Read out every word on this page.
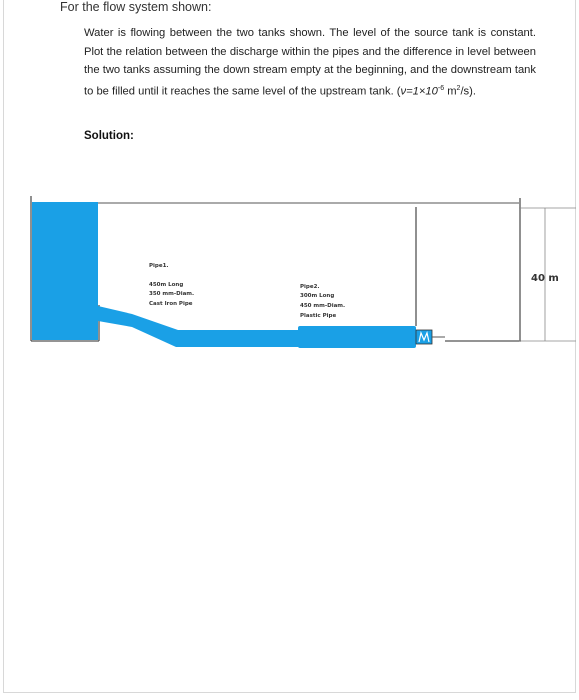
For the flow system shown:
Water is flowing between the two tanks shown. The level of the source tank is constant. Plot the relation between the discharge within the pipes and the difference in level between the two tanks assuming the down stream empty at the beginning, and the downstream tank to be filled until it reaches the same level of the upstream tank. ($\nu=1\times 10^{-6}$ $m^2/s$).
Solution:
40 m
Pipe1.
450m Long
350 mm-Diam.
Cast Iron Pipe
Pipe2.
300m Long
450 mm-Diam.
Plastic Pipe
